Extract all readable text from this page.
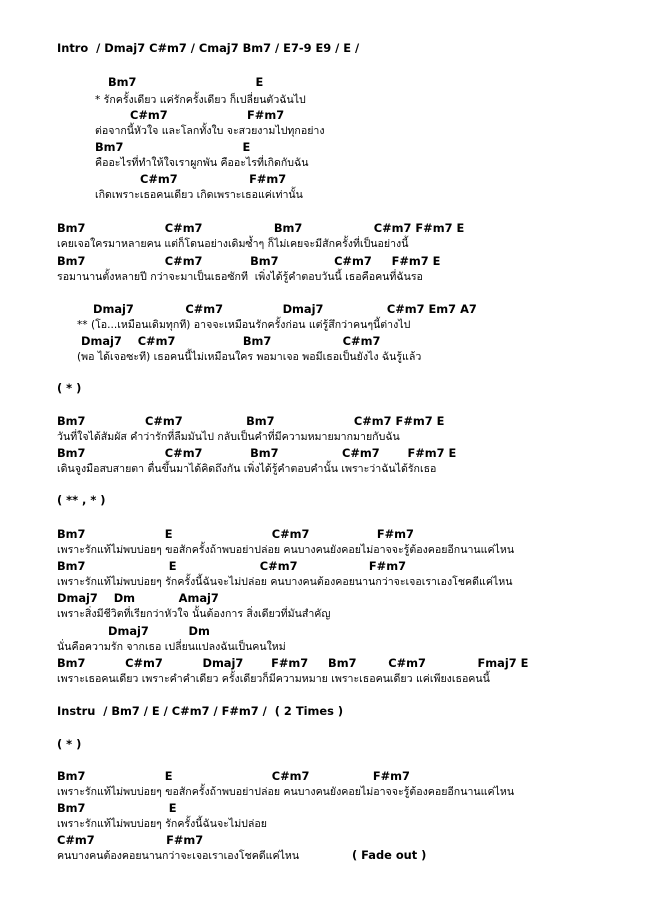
Intro  / Dmaj7 C#m7 / Cmaj7 Bm7 / E7-9 E9 / E /
Bm7                              E
* รักครั้งเดียว แค่รักครั้งเดียว ก็เปลี่ยนตัวฉันไป
C#m7                    F#m7
ต่อจากนี้หัวใจ และโลกทั้งใบ จะสวยงามไปทุกอย่าง
Bm7                              E
คืออะไรที่ทำให้ใจเราผูกพัน คืออะไรที่เกิดกับฉัน
C#m7                  F#m7
เกิดเพราะเธอคนเดียว เกิดเพราะเธอแค่เท่านั้น
Bm7                    C#m7                  Bm7                  C#m7 F#m7 E
เคยเจอใครมาหลายคน แต่ก็โดนอย่างเดิมซ้ำๆ ก็ไม่เคยจะมีสักครั้งที่เป็นอย่างนี้
Bm7                    C#m7            Bm7              C#m7     F#m7 E
รอมานานตั้งหลายปี กว่าจะมาเป็นเธอซักที  เพิ่งได้รู้คำตอบวันนี้ เธอคือคนที่ฉันรอ
Dmaj7             C#m7               Dmaj7                C#m7 Em7 A7
** (โอ...เหมือนเดิมทุกที) อาจจะเหมือนรักครั้งก่อน แต่รู้สึกว่าคนๆนี้ต่างไป
Dmaj7    C#m7                 Bm7                  C#m7
(พอ ได้เจอซะที) เธอคนนี้ไม่เหมือนใคร พอมาเจอ พอมีเธอเป็นยังไง ฉันรู้แล้ว
( * )
Bm7               C#m7                Bm7                    C#m7 F#m7 E
วันที่ใจได้สัมผัส คำว่ารักที่ลืมมันไป กลับเป็นคำที่มีความหมายมากมายกับฉัน
Bm7                    C#m7            Bm7                C#m7       F#m7 E
เดินจูงมือสบสายตา ตื่นขึ้นมาได้คิดถึงกัน เพิ่งได้รู้คำตอบคำนั้น เพราะว่าฉันได้รักเธอ
( ** , * )
Bm7                    E                         C#m7                 F#m7
เพราะรักแท้ไม่พบบ่อยๆ ขอสักครั้งถ้าพบอย่าปล่อย คนบางคนยังคอยไม่อาจจะรู้ต้องคอยอีกนานแค่ไหน
Bm7                     E                     C#m7                  F#m7
เพราะรักแท้ไม่พบบ่อยๆ รักครั้งนี้ฉันจะไม่ปล่อย คนบางคนต้องคอยนานกว่าจะเจอเราเองโชคดีแค่ไหน
Dmaj7    Dm           Amaj7
เพราะสิ่งมีชีวิตที่เรียกว่าหัวใจ นั้นต้องการ สิ่งเดียวที่มันสำคัญ
Dmaj7          Dm
นั่นคือความรัก จากเธอ เปลี่ยนแปลงฉันเป็นคนใหม่
Bm7          C#m7          Dmaj7       F#m7     Bm7        C#m7             Fmaj7 E
เพราะเธอคนเดียว เพราะคำคำเดียว ครั้งเดียวก็มีความหมาย เพราะเธอคนเดียว แค่เพียงเธอคนนี้
Instru  / Bm7 / E / C#m7 / F#m7 /  ( 2 Times )
( * )
Bm7                    E                         C#m7                F#m7
เพราะรักแท้ไม่พบบ่อยๆ ขอสักครั้งถ้าพบอย่าปล่อย คนบางคนยังคอยไม่อาจจะรู้ต้องคอยอีกนานแค่ไหน
Bm7                     E
เพราะรักแท้ไม่พบบ่อยๆ รักครั้งนี้ฉันจะไม่ปล่อย
C#m7                  F#m7
คนบางคนต้องคอยนานกว่าจะเจอเราเองโชคดีแค่ไหน	( Fade out )
